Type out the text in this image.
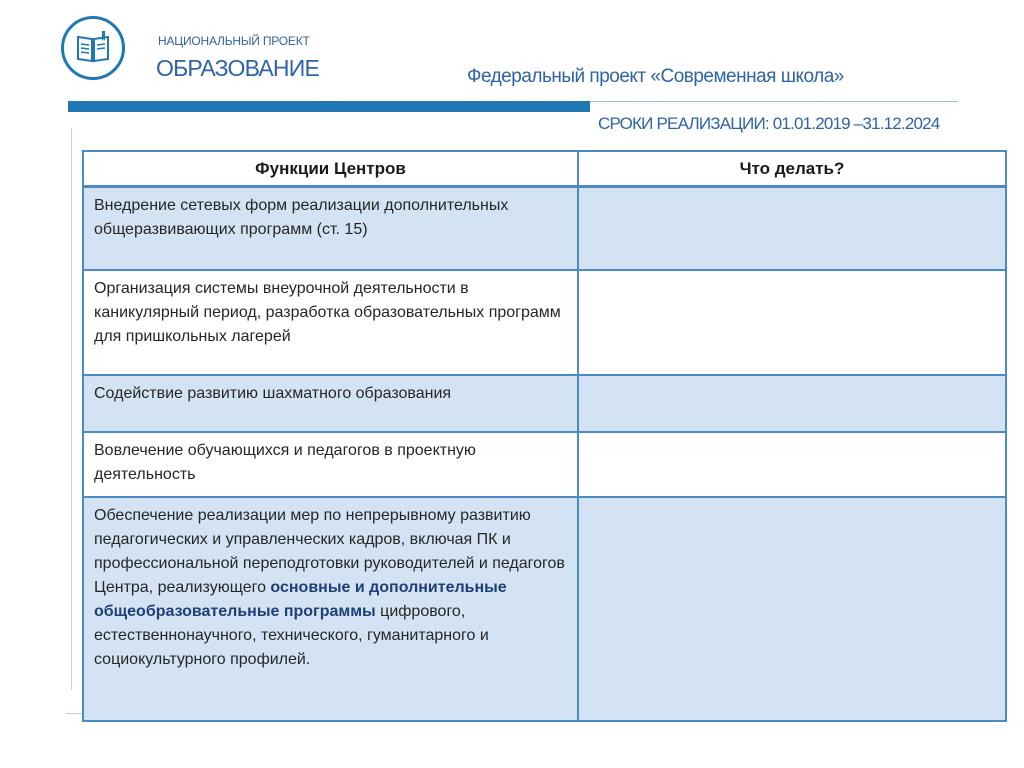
НАЦИОНАЛЬНЫЙ ПРОЕКТ
ОБРАЗОВАНИЕ	Федеральный проект «Современная школа»
СРОКИ РЕАЛИЗАЦИИ: 01.01.2019 –31.12.2024
Функции Центров	Что делать?
Внедрение сетевых форм реализации дополнительных общеразвивающих программ (ст. 15)	
Организация системы внеурочной деятельности в каникулярный период, разработка образовательных программ для пришкольных лагерей	
Содействие развитию шахматного образования	
Вовлечение обучающихся и педагогов в проектную деятельность	
Обеспечение реализации мер по непрерывному развитию педагогических и управленческих кадров, включая ПК и профессиональной переподготовки руководителей и педагогов Центра, реализующего основные и дополнительные общеобразовательные программы цифрового, естественнонаучного, технического, гуманитарного и социокультурного профилей.	
